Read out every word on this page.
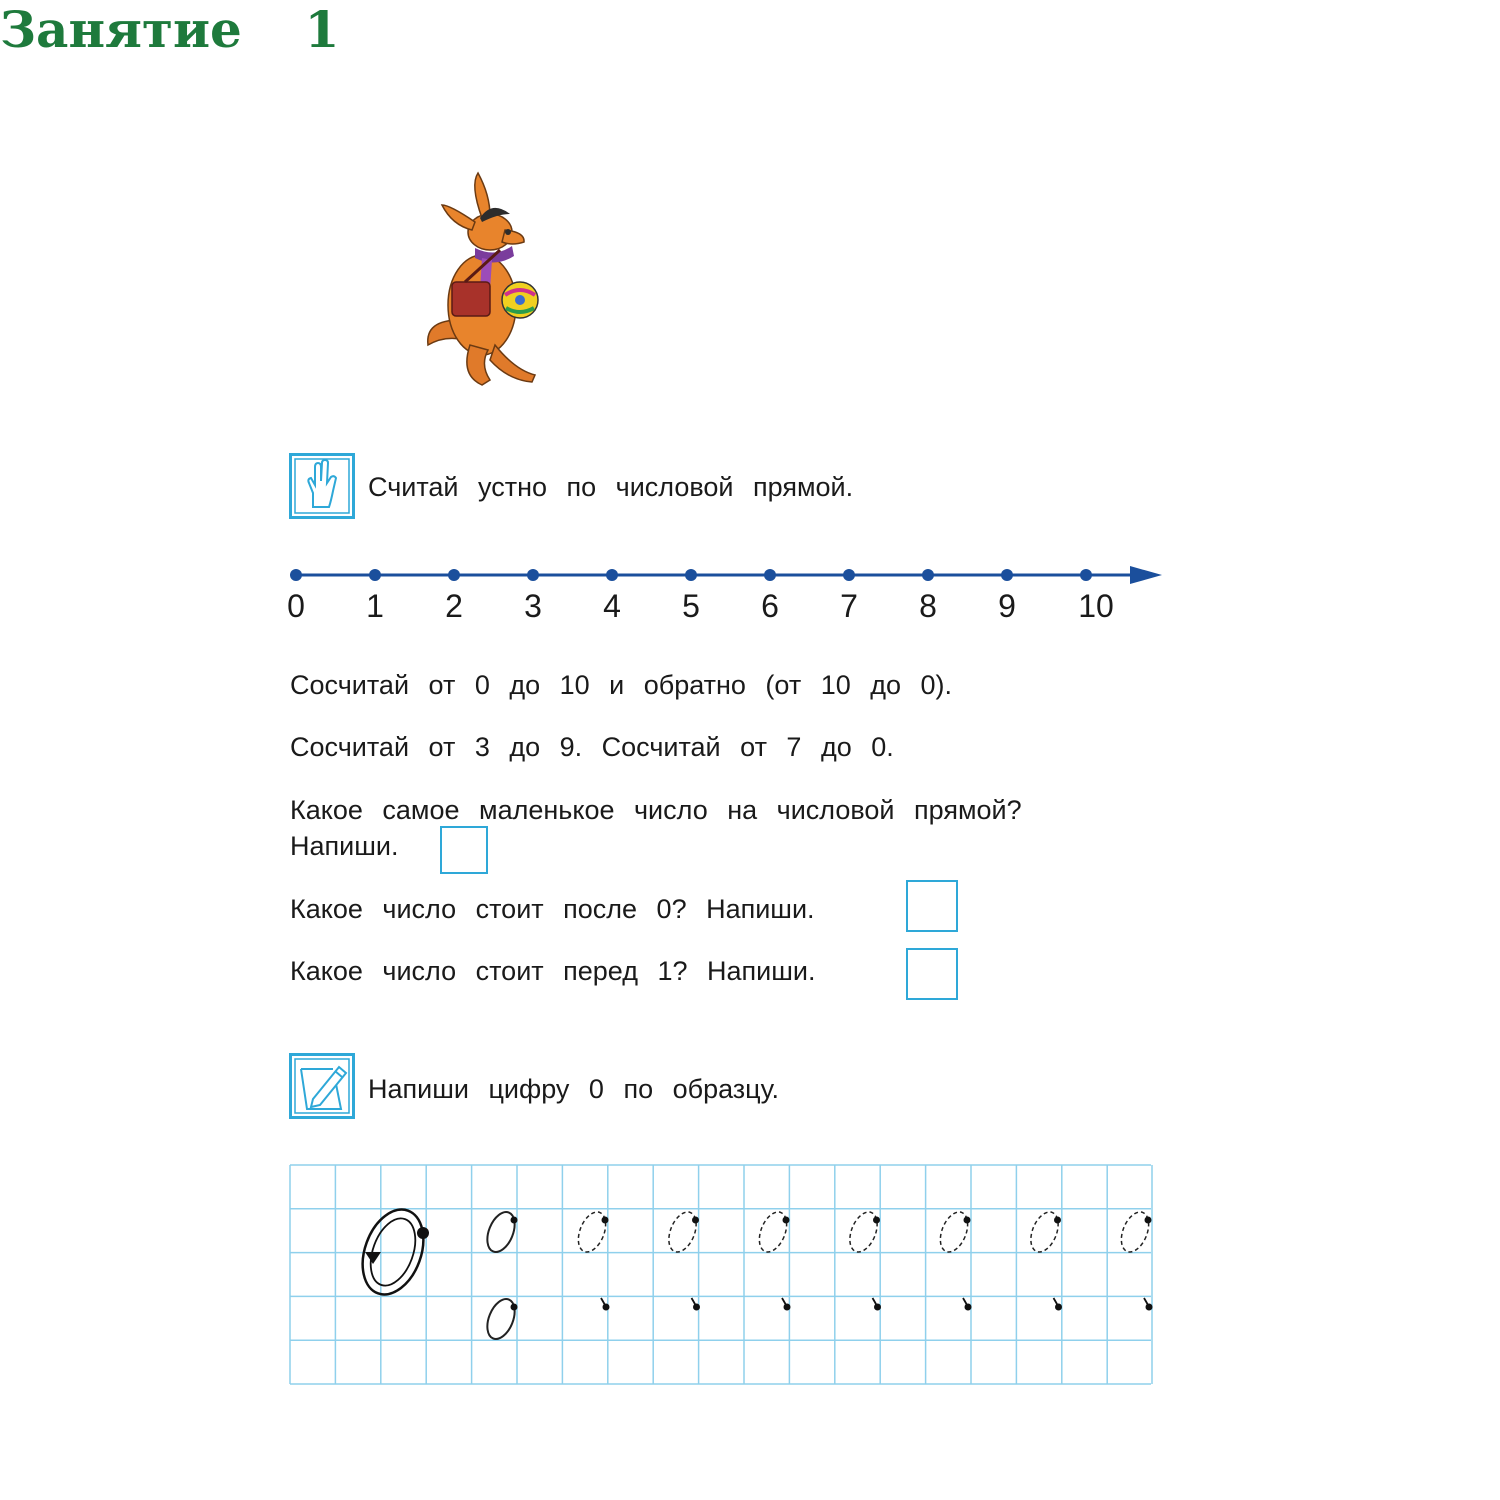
Занятие  1
Считай устно по числовой прямой.
0 1 2 3 4 5 6 7 8 9 10
Сосчитай от 0 до 10 и обратно (от 10 до 0).
Сосчитай от 3 до 9. Сосчитай от 7 до 0.
Какое самое маленькое число на числовой прямой?
Напиши.
Какое число стоит после 0? Напиши.
Какое число стоит перед 1? Напиши.
Напиши цифру 0 по образцу.
